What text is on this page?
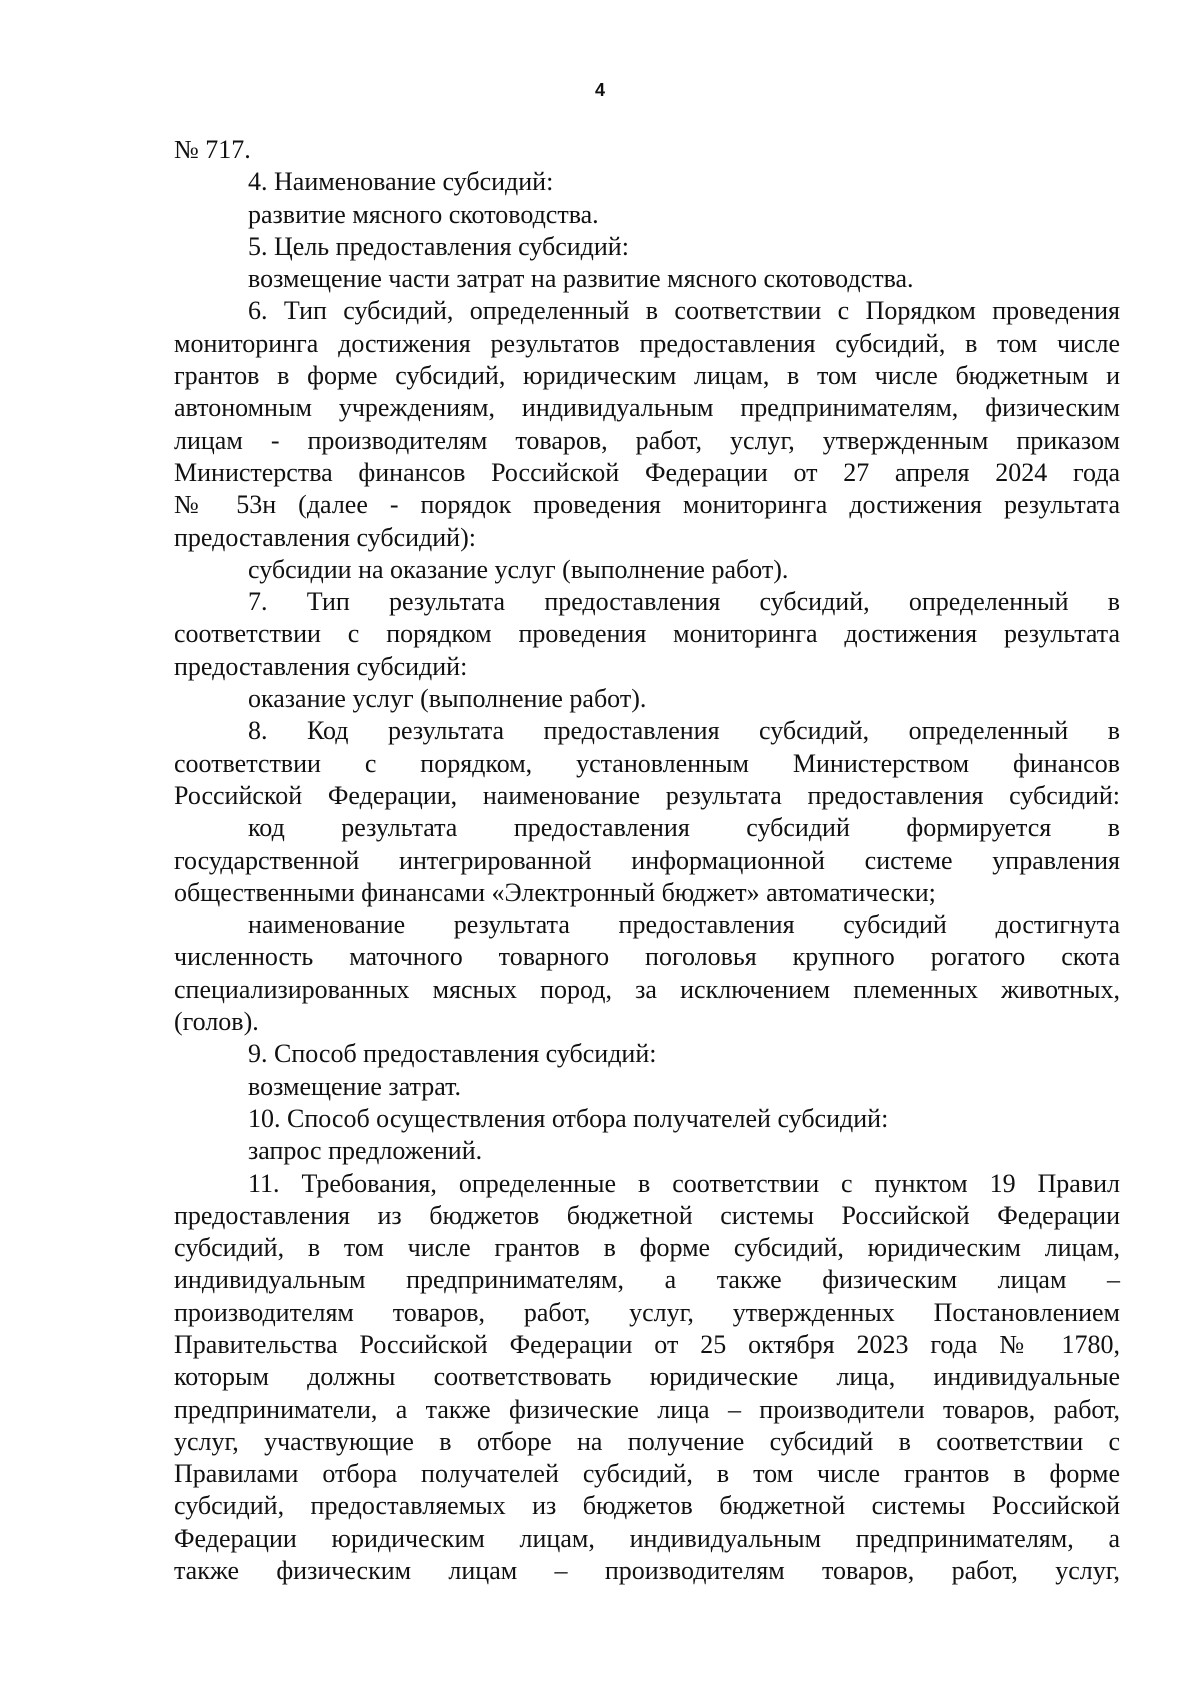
4
№ 717.
4. Наименование субсидий:
развитие мясного скотоводства.
5. Цель предоставления субсидий:
возмещение части затрат на развитие мясного скотоводства.
6. Тип субсидий, определенный в соответствии с Порядком проведения
мониторинга достижения результатов предоставления субсидий, в том числе
грантов в форме субсидий, юридическим лицам, в том числе бюджетным и
автономным учреждениям, индивидуальным предпринимателям, физическим
лицам - производителям товаров, работ, услуг, утвержденным приказом
Министерства финансов Российской Федерации от 27 апреля 2024 года
№ 53н (далее - порядок проведения мониторинга достижения результата
предоставления субсидий):
субсидии на оказание услуг (выполнение работ).
7. Тип результата предоставления субсидий, определенный в
соответствии с порядком проведения мониторинга достижения результата
предоставления субсидий:
оказание услуг (выполнение работ).
8. Код результата предоставления субсидий, определенный в
соответствии с порядком, установленным Министерством финансов
Российской Федерации, наименование результата предоставления субсидий:
код результата предоставления субсидий формируется в
государственной интегрированной информационной системе управления
общественными финансами «Электронный бюджет» автоматически;
наименование результата предоставления субсидий достигнута
численность маточного товарного поголовья крупного рогатого скота
специализированных мясных пород, за исключением племенных животных,
(голов).
9. Способ предоставления субсидий:
возмещение затрат.
10. Способ осуществления отбора получателей субсидий:
запрос предложений.
11. Требования, определенные в соответствии с пунктом 19 Правил
предоставления из бюджетов бюджетной системы Российской Федерации
субсидий, в том числе грантов в форме субсидий, юридическим лицам,
индивидуальным предпринимателям, а также физическим лицам –
производителям товаров, работ, услуг, утвержденных Постановлением
Правительства Российской Федерации от 25 октября 2023 года № 1780,
которым должны соответствовать юридические лица, индивидуальные
предприниматели, а также физические лица – производители товаров, работ,
услуг, участвующие в отборе на получение субсидий в соответствии с
Правилами отбора получателей субсидий, в том числе грантов в форме
субсидий, предоставляемых из бюджетов бюджетной системы Российской
Федерации юридическим лицам, индивидуальным предпринимателям, а
также физическим лицам – производителям товаров, работ, услуг,
